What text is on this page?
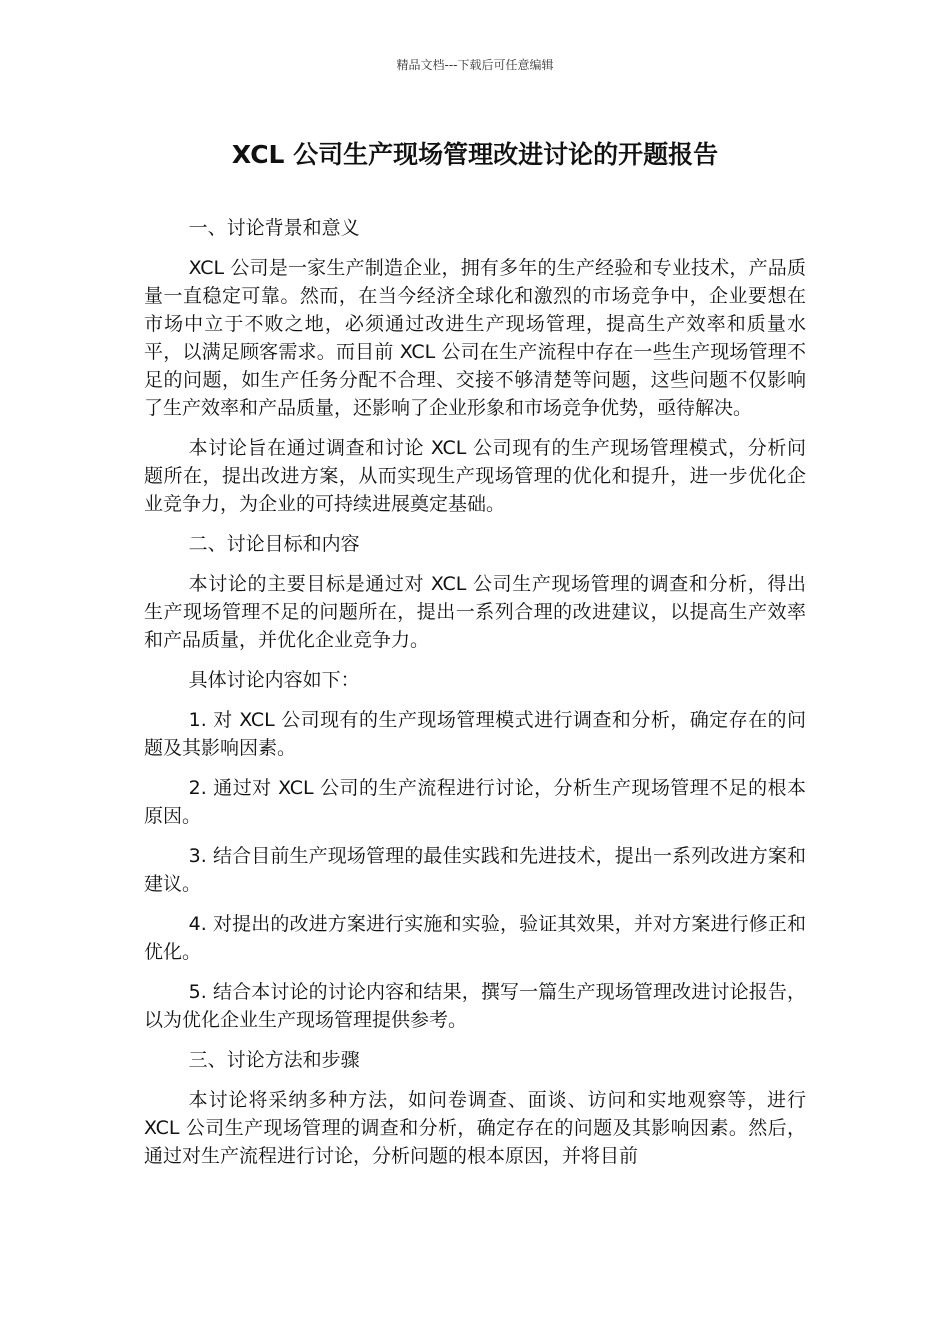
精品文档---下载后可任意编辑
XCL 公司生产现场管理改进讨论的开题报告

一、讨论背景和意义

XCL 公司是一家生产制造企业，拥有多年的生产经验和专业技术，产品质量一直稳定可靠。然而，在当今经济全球化和激烈的市场竞争中，企业要想在市场中立于不败之地，必须通过改进生产现场管理，提高生产效率和质量水平，以满足顾客需求。而目前 XCL 公司在生产流程中存在一些生产现场管理不足的问题，如生产任务分配不合理、交接不够清楚等问题，这些问题不仅影响了生产效率和产品质量，还影响了企业形象和市场竞争优势，亟待解决。

本讨论旨在通过调查和讨论 XCL 公司现有的生产现场管理模式，分析问题所在，提出改进方案，从而实现生产现场管理的优化和提升，进一步优化企业竞争力，为企业的可持续进展奠定基础。

二、讨论目标和内容

本讨论的主要目标是通过对 XCL 公司生产现场管理的调查和分析，得出生产现场管理不足的问题所在，提出一系列合理的改进建议，以提高生产效率和产品质量，并优化企业竞争力。

具体讨论内容如下：

1. 对 XCL 公司现有的生产现场管理模式进行调查和分析，确定存在的问题及其影响因素。

2. 通过对 XCL 公司的生产流程进行讨论，分析生产现场管理不足的根本原因。

3. 结合目前生产现场管理的最佳实践和先进技术，提出一系列改进方案和建议。

4. 对提出的改进方案进行实施和实验，验证其效果，并对方案进行修正和优化。

5. 结合本讨论的讨论内容和结果，撰写一篇生产现场管理改进讨论报告，以为优化企业生产现场管理提供参考。

三、讨论方法和步骤

本讨论将采纳多种方法，如问卷调查、面谈、访问和实地观察等，进行 XCL 公司生产现场管理的调查和分析，确定存在的问题及其影响因素。然后，通过对生产流程进行讨论，分析问题的根本原因，并将目前
